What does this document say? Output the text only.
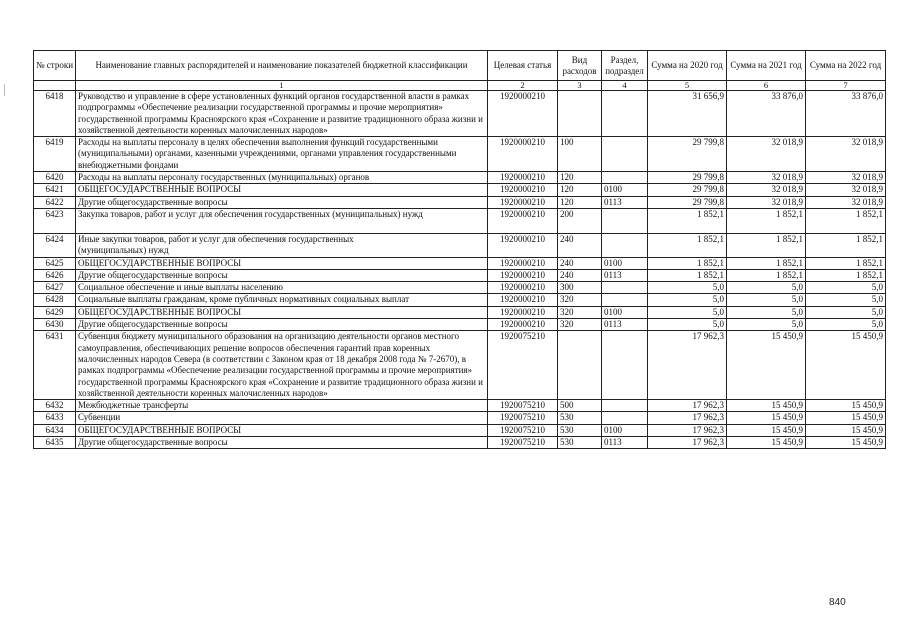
№ строки	Наименование главных распорядителей и наименование показателей бюджетной классификации	Целевая статья	Вид расходов	Раздел, подраздел	Сумма на 2020 год	Сумма на 2021 год	Сумма на 2022 год
	1	2	3	4	5	6	7
6418	Руководство и управление в сфере установленных функций органов государственной власти в рамках подпрограммы «Обеспечение реализации государственной программы и прочие мероприятия» государственной программы Красноярского края «Сохранение и развитие традиционного образа жизни и хозяйственной деятельности коренных малочисленных народов»	1920000210			31 656,9	33 876,0	33 876,0
6419	Расходы на выплаты персоналу в целях обеспечения выполнения функций государственными (муниципальными) органами, казенными учреждениями, органами управления государственными внебюджетными фондами	1920000210	100		29 799,8	32 018,9	32 018,9
6420	Расходы на выплаты персоналу государственных (муниципальных) органов	1920000210	120		29 799,8	32 018,9	32 018,9
6421	ОБЩЕГОСУДАРСТВЕННЫЕ ВОПРОСЫ	1920000210	120	0100	29 799,8	32 018,9	32 018,9
6422	Другие общегосударственные вопросы	1920000210	120	0113	29 799,8	32 018,9	32 018,9
6423	Закупка товаров, работ и услуг для обеспечения государственных (муниципальных) нужд	1920000210	200		1 852,1	1 852,1	1 852,1
6424	Иные закупки товаров, работ и услуг для обеспечения государственных (муниципальных) нужд	1920000210	240		1 852,1	1 852,1	1 852,1
6425	ОБЩЕГОСУДАРСТВЕННЫЕ ВОПРОСЫ	1920000210	240	0100	1 852,1	1 852,1	1 852,1
6426	Другие общегосударственные вопросы	1920000210	240	0113	1 852,1	1 852,1	1 852,1
6427	Социальное обеспечение и иные выплаты населению	1920000210	300		5,0	5,0	5,0
6428	Социальные выплаты гражданам, кроме публичных нормативных социальных выплат	1920000210	320		5,0	5,0	5,0
6429	ОБЩЕГОСУДАРСТВЕННЫЕ ВОПРОСЫ	1920000210	320	0100	5,0	5,0	5,0
6430	Другие общегосударственные вопросы	1920000210	320	0113	5,0	5,0	5,0
6431	Субвенция бюджету муниципального образования на организацию деятельности органов местного самоуправления, обеспечивающих решение вопросов обеспечения гарантий прав коренных малочисленных народов Севера (в соответствии с Законом края от 18 декабря 2008 года № 7-2670), в рамках подпрограммы «Обеспечение реализации государственной программы и прочие мероприятия» государственной программы Красноярского края «Сохранение и развитие традиционного образа жизни и хозяйственной деятельности коренных малочисленных народов»	1920075210			17 962,3	15 450,9	15 450,9
6432	Межбюджетные трансферты	1920075210	500		17 962,3	15 450,9	15 450,9
6433	Субвенции	1920075210	530		17 962,3	15 450,9	15 450,9
6434	ОБЩЕГОСУДАРСТВЕННЫЕ ВОПРОСЫ	1920075210	530	0100	17 962,3	15 450,9	15 450,9
6435	Другие общегосударственные вопросы	1920075210	530	0113	17 962,3	15 450,9	15 450,9
840
